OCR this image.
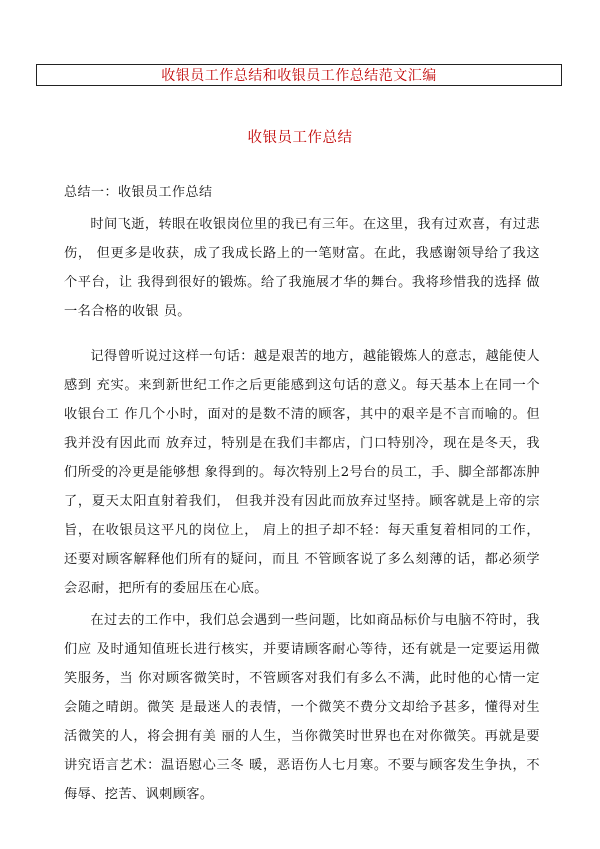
收银员工作总结和收银员工作总结范文汇编
收银员工作总结
总结一：收银员工作总结

时间飞逝，转眼在收银岗位里的我已有三年。在这里，我有过欢喜，有过悲伤， 但更多是收获，成了我成长路上的一笔财富。在此，我感谢领导给了我这个平台，让 我得到很好的锻炼。给了我施展才华的舞台。我将珍惜我的选择 做一名合格的收银 员。

记得曾听说过这样一句话：越是艰苦的地方，越能锻炼人的意志，越能使人感到 充实。来到新世纪工作之后更能感到这句话的意义。每天基本上在同一个收银台工 作几个小时，面对的是数不清的顾客，其中的艰辛是不言而喻的。但我并没有因此而 放弃过，特别是在我们丰都店，门口特别冷，现在是冬天，我们所受的冷更是能够想 象得到的。每次特别上2号台的员工，手、脚全部都冻肿了，夏天太阳直射着我们， 但我并没有因此而放弃过坚持。顾客就是上帝的宗旨，在收银员这平凡的岗位上， 肩上的担子却不轻：每天重复着相同的工作，还要对顾客解释他们所有的疑问，而且 不管顾客说了多么刻薄的话，都必须学会忍耐，把所有的委屈压在心底。

在过去的工作中，我们总会遇到一些问题，比如商品标价与电脑不符时，我们应 及时通知值班长进行核实，并要请顾客耐心等待，还有就是一定要运用微笑服务，当 你对顾客微笑时，不管顾客对我们有多么不满，此时他的心情一定会随之晴朗。微笑 是最迷人的表情，一个微笑不费分文却给予甚多，懂得对生活微笑的人，将会拥有美 丽的人生，当你微笑时世界也在对你微笑。再就是要讲究语言艺术：温语慰心三冬 暖，恶语伤人七月寒。不要与顾客发生争执，不侮辱、挖苦、讽刺顾客。
